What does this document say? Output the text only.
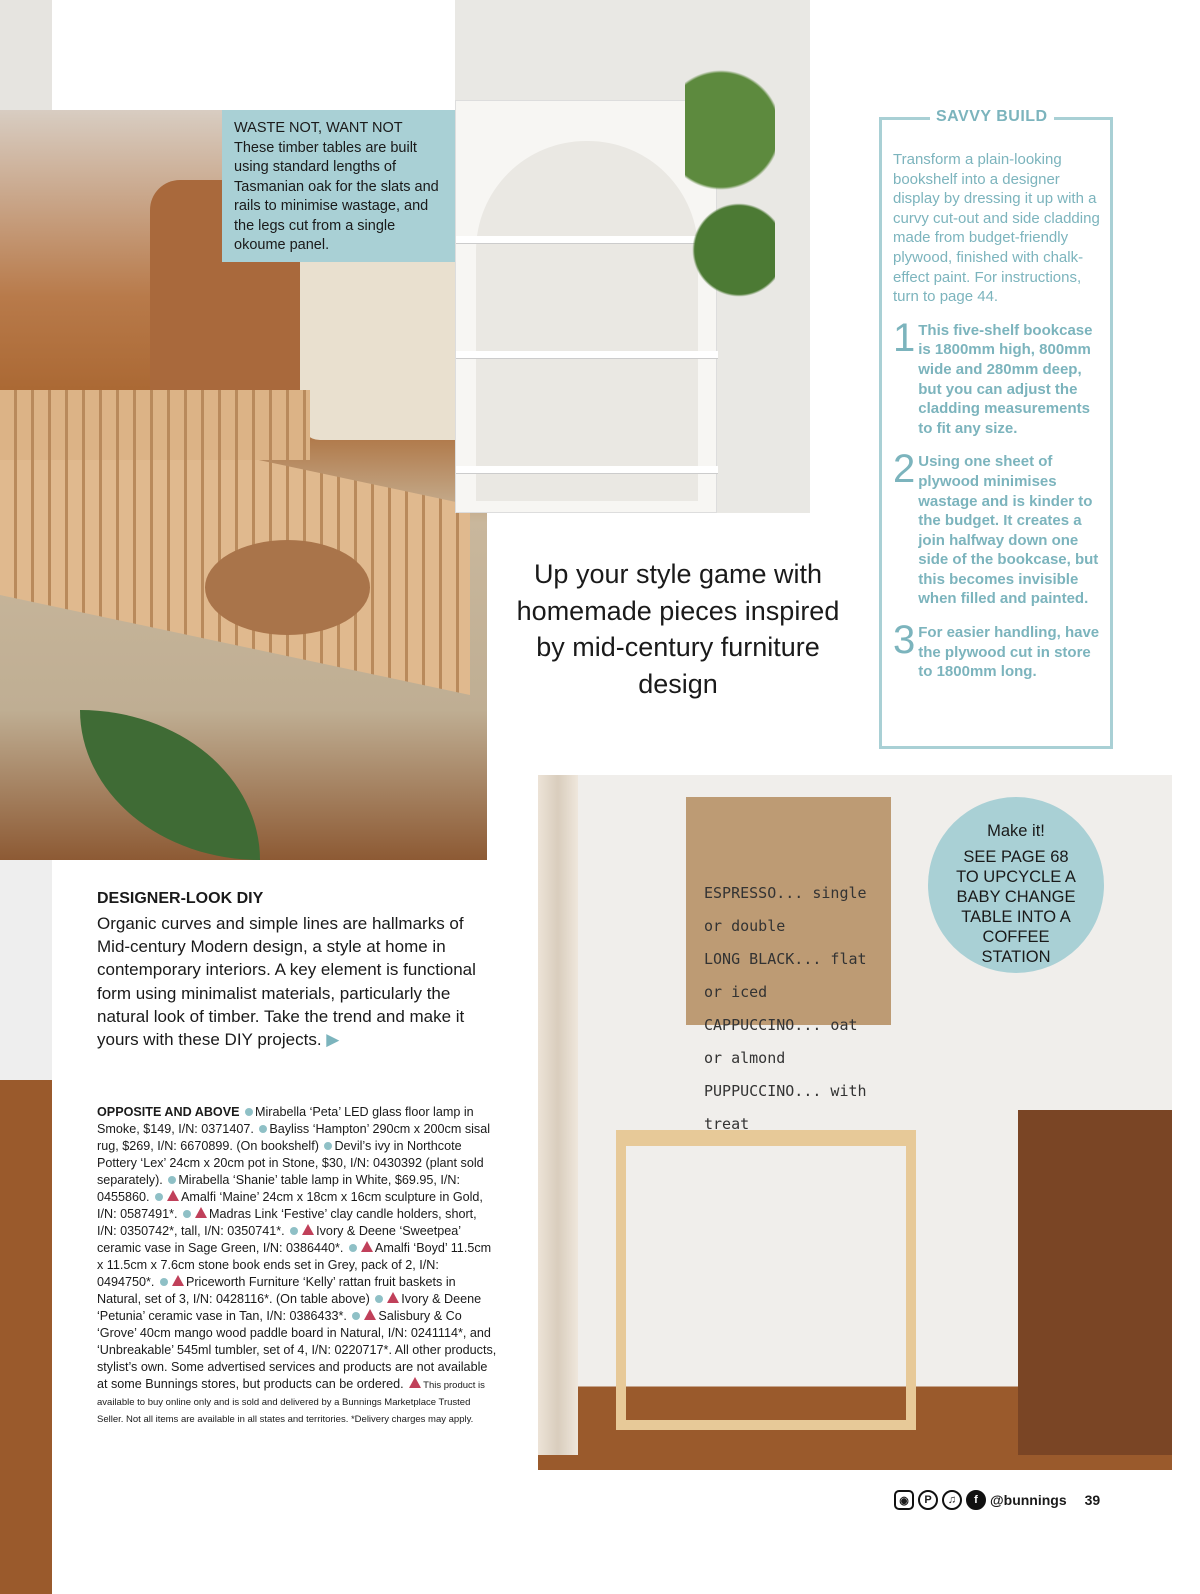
WASTE NOT, WANT NOT
These timber tables are built using standard lengths of Tasmanian oak for the slats and rails to minimise wastage, and the legs cut from a single okoume panel.
Up your style game with homemade pieces inspired by mid-century furniture design
Transform a plain-looking bookshelf into a designer display by dressing it up with a curvy cut-out and side cladding made from budget-friendly plywood, finished with chalk-effect paint. For instructions, turn to page 44.
1 This five-shelf bookcase is 1800mm high, 800mm wide and 280mm deep, but you can adjust the cladding measurements to fit any size.
2 Using one sheet of plywood minimises wastage and is kinder to the budget. It creates a join halfway down one side of the bookcase, but this becomes invisible when filled and painted.
3 For easier handling, have the plywood cut in store to 1800mm long.
SAVVY BUILD
ESPRESSO... single or double
LONG BLACK... flat or iced
CAPPUCCINO... oat or almond
PUPPUCCINO... with treat
Make it!
SEE PAGE 68 TO UPCYCLE A BABY CHANGE TABLE INTO A COFFEE STATION
DESIGNER-LOOK DIY
Organic curves and simple lines are hallmarks of Mid-century Modern design, a style at home in contemporary interiors. A key element is functional form using minimalist materials, particularly the natural look of timber. Take the trend and make it yours with these DIY projects. ▶
OPPOSITE AND ABOVE Mirabella ‘Peta’ LED glass floor lamp in Smoke, $149, I/N: 0371407. Bayliss ‘Hampton’ 290cm x 200cm sisal rug, $269, I/N: 6670899. (On bookshelf) Devil’s ivy in Northcote Pottery ‘Lex’ 24cm x 20cm pot in Stone, $30, I/N: 0430392 (plant sold separately). Mirabella ‘Shanie’ table lamp in White, $69.95, I/N: 0455860.	Amalfi ‘Maine’ 24cm x 18cm x 16cm sculpture in Gold, I/N: 0587491*.	Madras Link ‘Festive’ clay candle holders, short, I/N: 0350742*, tall, I/N: 0350741*.	Ivory & Deene ‘Sweetpea’ ceramic vase in Sage Green, I/N: 0386440*.	Amalfi ‘Boyd’ 11.5cm x 11.5cm x 7.6cm stone book ends set in Grey, pack of 2, I/N: 0494750*.	Priceworth Furniture ‘Kelly’ rattan fruit baskets in Natural, set of 3, I/N: 0428116*. (On table above)	Ivory & Deene ‘Petunia’ ceramic vase in Tan, I/N: 0386433*.	Salisbury & Co ‘Grove’ 40cm mango wood paddle board in Natural, I/N: 0241114*, and ‘Unbreakable’ 545ml tumbler, set of 4, I/N: 0220717*. All other products, stylist’s own. Some advertised services and products are not available at some Bunnings stores, but products can be ordered. This product is available to buy online only and is sold and delivered by a Bunnings Marketplace Trusted Seller. Not all items are available in all states and territories. *Delivery charges may apply.
◉	P	♫	f @bunnings 39
